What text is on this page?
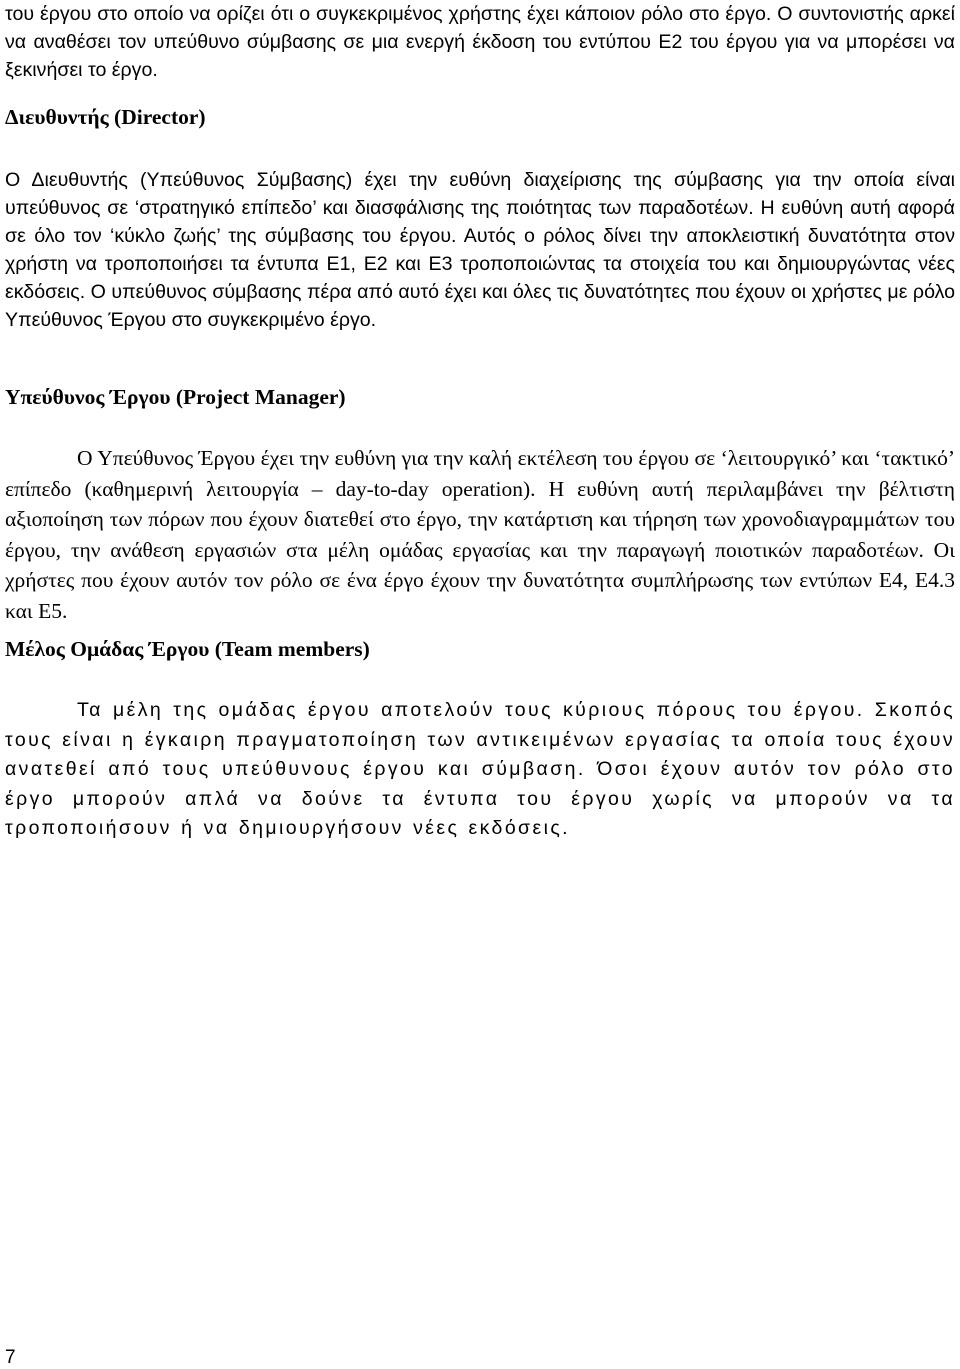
του έργου στο οποίο να ορίζει ότι ο συγκεκριμένος χρήστης έχει κάποιον ρόλο στο έργο. Ο συντονιστής αρκεί να αναθέσει τον υπεύθυνο σύμβασης σε μια ενεργή έκδοση του εντύπου Ε2 του έργου για να μπορέσει να ξεκινήσει το έργο.

Διευθυντής (Director)

Ο Διευθυντής (Υπεύθυνος Σύμβασης) έχει την ευθύνη διαχείρισης της σύμβασης για την οποία είναι υπεύθυνος σε ‘στρατηγικό επίπεδο’ και διασφάλισης της ποιότητας των παραδοτέων. Η ευθύνη αυτή αφορά σε όλο τον ‘κύκλο ζωής’ της σύμβασης του έργου. Αυτός ο ρόλος δίνει την αποκλειστική δυνατότητα στον χρήστη να τροποποιήσει τα έντυπα Ε1, Ε2 και Ε3 τροποποιώντας τα στοιχεία του και δημιουργώντας νέες εκδόσεις. Ο υπεύθυνος σύμβασης πέρα από αυτό έχει και όλες τις δυνατότητες που έχουν οι χρήστες με ρόλο Υπεύθυνος Έργου στο συγκεκριμένο έργο.

Υπεύθυνος Έργου (Project Manager)

Ο Υπεύθυνος Έργου έχει την ευθύνη για την καλή εκτέλεση του έργου σε ‘λειτουργικό’ και ‘τακτικό’ επίπεδο (καθημερινή λειτουργία – day-to-day operation). Η ευθύνη αυτή περιλαμβάνει την βέλτιστη αξιοποίηση των πόρων που έχουν διατεθεί στο έργο, την κατάρτιση και τήρηση των χρονοδιαγραμμάτων του έργου, την ανάθεση εργασιών στα μέλη ομάδας εργασίας και την παραγωγή ποιοτικών παραδοτέων. Οι χρήστες που έχουν αυτόν τον ρόλο σε ένα έργο έχουν την δυνατότητα συμπλήρωσης των εντύπων Ε4, Ε4.3 και Ε5.

Μέλος Ομάδας Έργου (Team members)

Τα μέλη της ομάδας έργου αποτελούν τους κύριους πόρους του έργου. Σκοπός τους είναι η έγκαιρη πραγματοποίηση των αντικειμένων εργασίας τα οποία τους έχουν ανατεθεί από τους υπεύθυνους έργου και σύμβαση. Όσοι έχουν αυτόν τον ρόλο στο έργο μπορούν απλά να δούνε τα έντυπα του έργου χωρίς να μπορούν να τα τροποποιήσουν ή να δημιουργήσουν νέες εκδόσεις.

7
